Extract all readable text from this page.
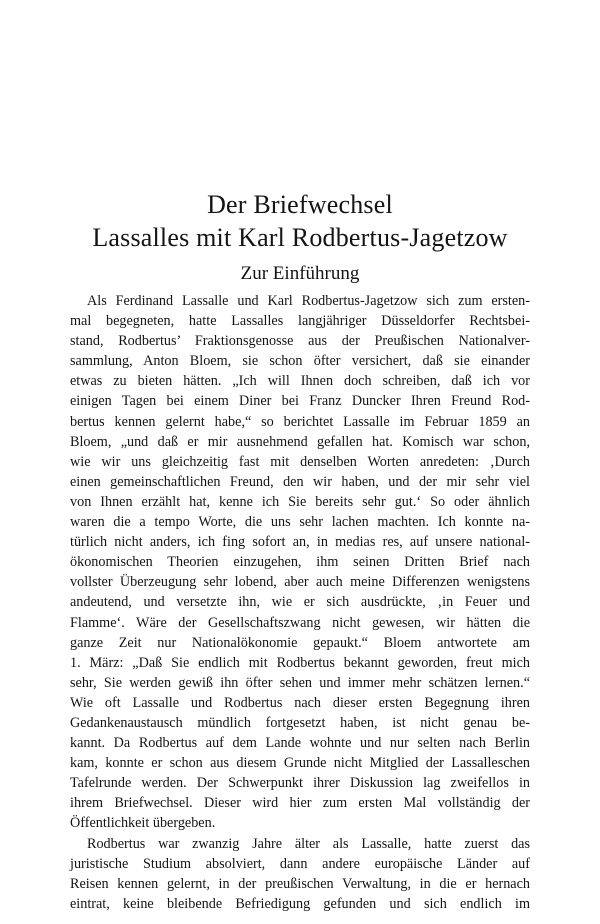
Der Briefwechsel
Lassalles mit Karl Rodbertus-Jagetzow
Zur Einführung
Als Ferdinand Lassalle und Karl Rodbertus-Jagetzow sich zum ersten-
mal begegneten, hatte Lassalles langjähriger Düsseldorfer Rechtsbei-
stand, Rodbertus’ Fraktionsgenosse aus der Preußischen Nationalver-
sammlung, Anton Bloem, sie schon öfter versichert, daß sie einander
etwas zu bieten hätten. „Ich will Ihnen doch schreiben, daß ich vor
einigen Tagen bei einem Diner bei Franz Duncker Ihren Freund Rod-
bertus kennen gelernt habe,“ so berichtet Lassalle im Februar 1859 an
Bloem, „und daß er mir ausnehmend gefallen hat. Komisch war schon,
wie wir uns gleichzeitig fast mit denselben Worten anredeten: ‚Durch
einen gemeinschaftlichen Freund, den wir haben, und der mir sehr viel
von Ihnen erzählt hat, kenne ich Sie bereits sehr gut.‘ So oder ähnlich
waren die a tempo Worte, die uns sehr lachen machten. Ich konnte na-
türlich nicht anders, ich fing sofort an, in medias res, auf unsere national-
ökonomischen Theorien einzugehen, ihm seinen Dritten Brief nach
vollster Überzeugung sehr lobend, aber auch meine Differenzen wenigstens
andeutend, und versetzte ihn, wie er sich ausdrückte, ‚in Feuer und
Flamme‘. Wäre der Gesellschaftszwang nicht gewesen, wir hätten die
ganze Zeit nur Nationalökonomie gepaukt.“ Bloem antwortete am
1. März: „Daß Sie endlich mit Rodbertus bekannt geworden, freut mich
sehr, Sie werden gewiß ihn öfter sehen und immer mehr schätzen lernen.“
Wie oft Lassalle und Rodbertus nach dieser ersten Begegnung ihren
Gedankenaustausch mündlich fortgesetzt haben, ist nicht genau be-
kannt. Da Rodbertus auf dem Lande wohnte und nur selten nach Berlin
kam, konnte er schon aus diesem Grunde nicht Mitglied der Lassalleschen
Tafelrunde werden. Der Schwerpunkt ihrer Diskussion lag zweifellos in
ihrem Briefwechsel. Dieser wird hier zum ersten Mal vollständig der
Öffentlichkeit übergeben.
Rodbertus war zwanzig Jahre älter als Lassalle, hatte zuerst das
juristische Studium absolviert, dann andere europäische Länder auf
Reisen kennen gelernt, in der preußischen Verwaltung, in die er hernach
eintrat, keine bleibende Befriedigung gefunden und sich endlich im
